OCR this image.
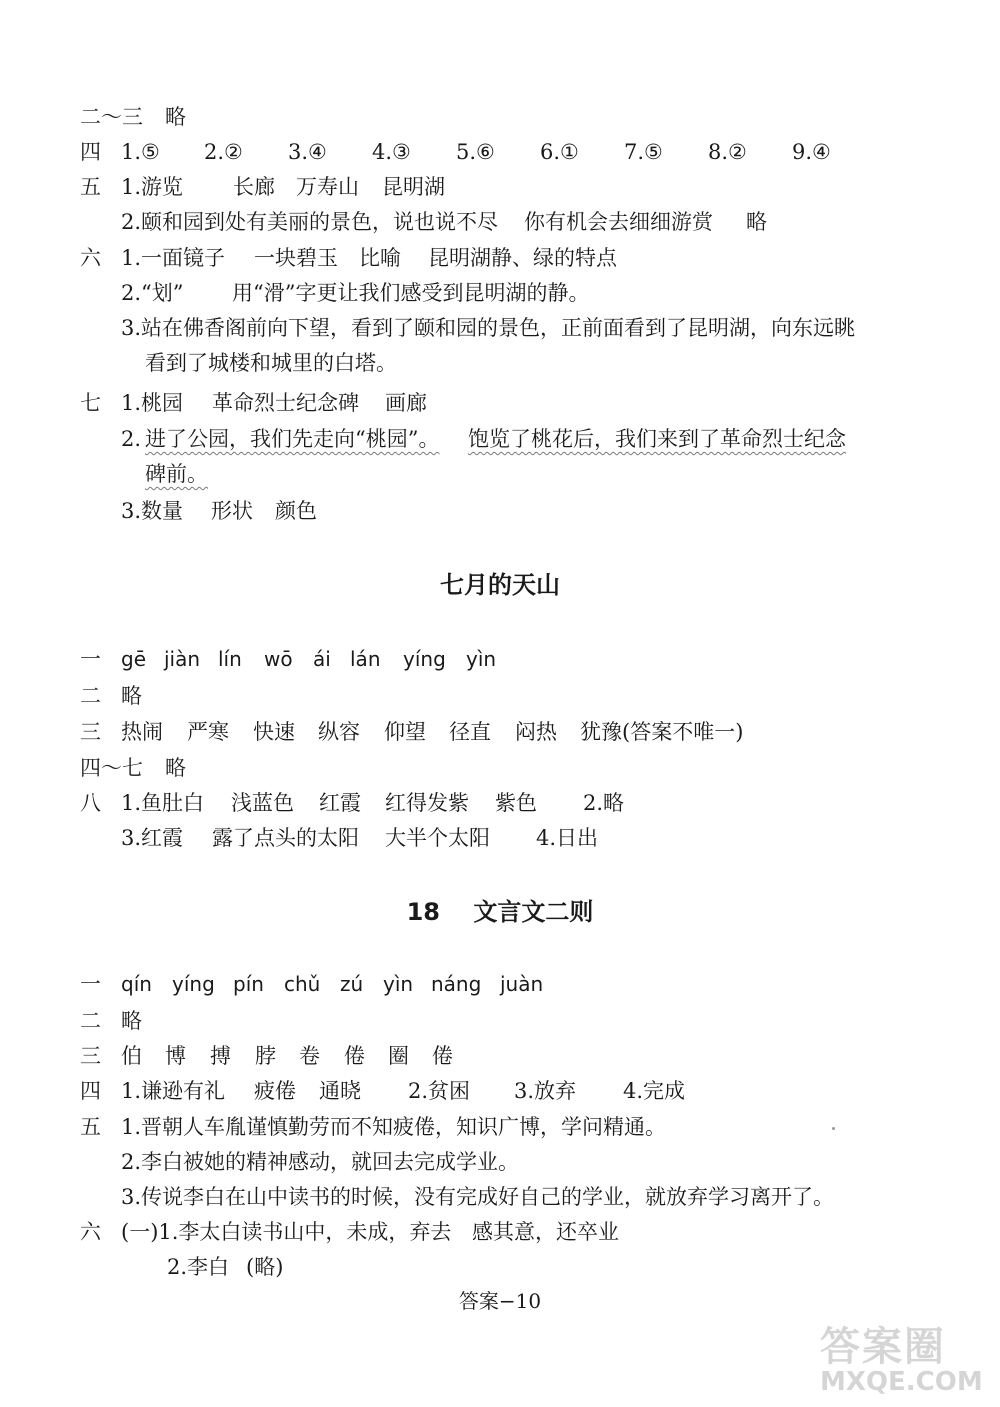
二～三 略
四 1.⑤ 2.② 3.④ 4.③ 5.⑥ 6.① 7.⑤ 8.② 9.④
五 1.游览 长廊 万寿山 昆明湖
2.颐和园到处有美丽的景色，说也说不尽 你有机会去细细游赏 略
六 1.一面镜子 一块碧玉 比喻 昆明湖静、绿的特点
2.“划” 用“滑”字更让我们感受到昆明湖的静。
3.站在佛香阁前向下望，看到了颐和园的景色，正前面看到了昆明湖，向东远眺
看到了城楼和城里的白塔。
七 1.桃园 革命烈士纪念碑 画廊
2. 进了公园，我们先走向“桃园”。 饱览了桃花后，我们来到了革命烈士纪念
碑前。
3.数量 形状 颜色
七月的天山
一 gē jiàn lín wō ái lán yíng yìn
二 略
三 热闹 严寒 快速 纵容 仰望 径直 闷热 犹豫(答案不唯一)
四～七 略
八 1.鱼肚白 浅蓝色 红霞 红得发紫 紫色 2.略
3.红霞 露了点头的太阳 大半个太阳 4.日出
18 文言文二则
一 qín yíng pín chǔ zú yìn náng juàn
二 略
三 伯 博 搏 脖 卷 倦 圈 倦
四 1.谦逊有礼 疲倦 通晓 2.贫困 3.放弃 4.完成
五 1.晋朝人车胤谨慎勤劳而不知疲倦，知识广博，学问精通。
2.李白被她的精神感动，就回去完成学业。
3.传说李白在山中读书的时候，没有完成好自己的学业，就放弃学习离开了。
六 (一)1.李太白读书山中，未成，弃去 感其意，还卒业
2.李白 (略)
答案−10
答案圈
MXQE.COM
